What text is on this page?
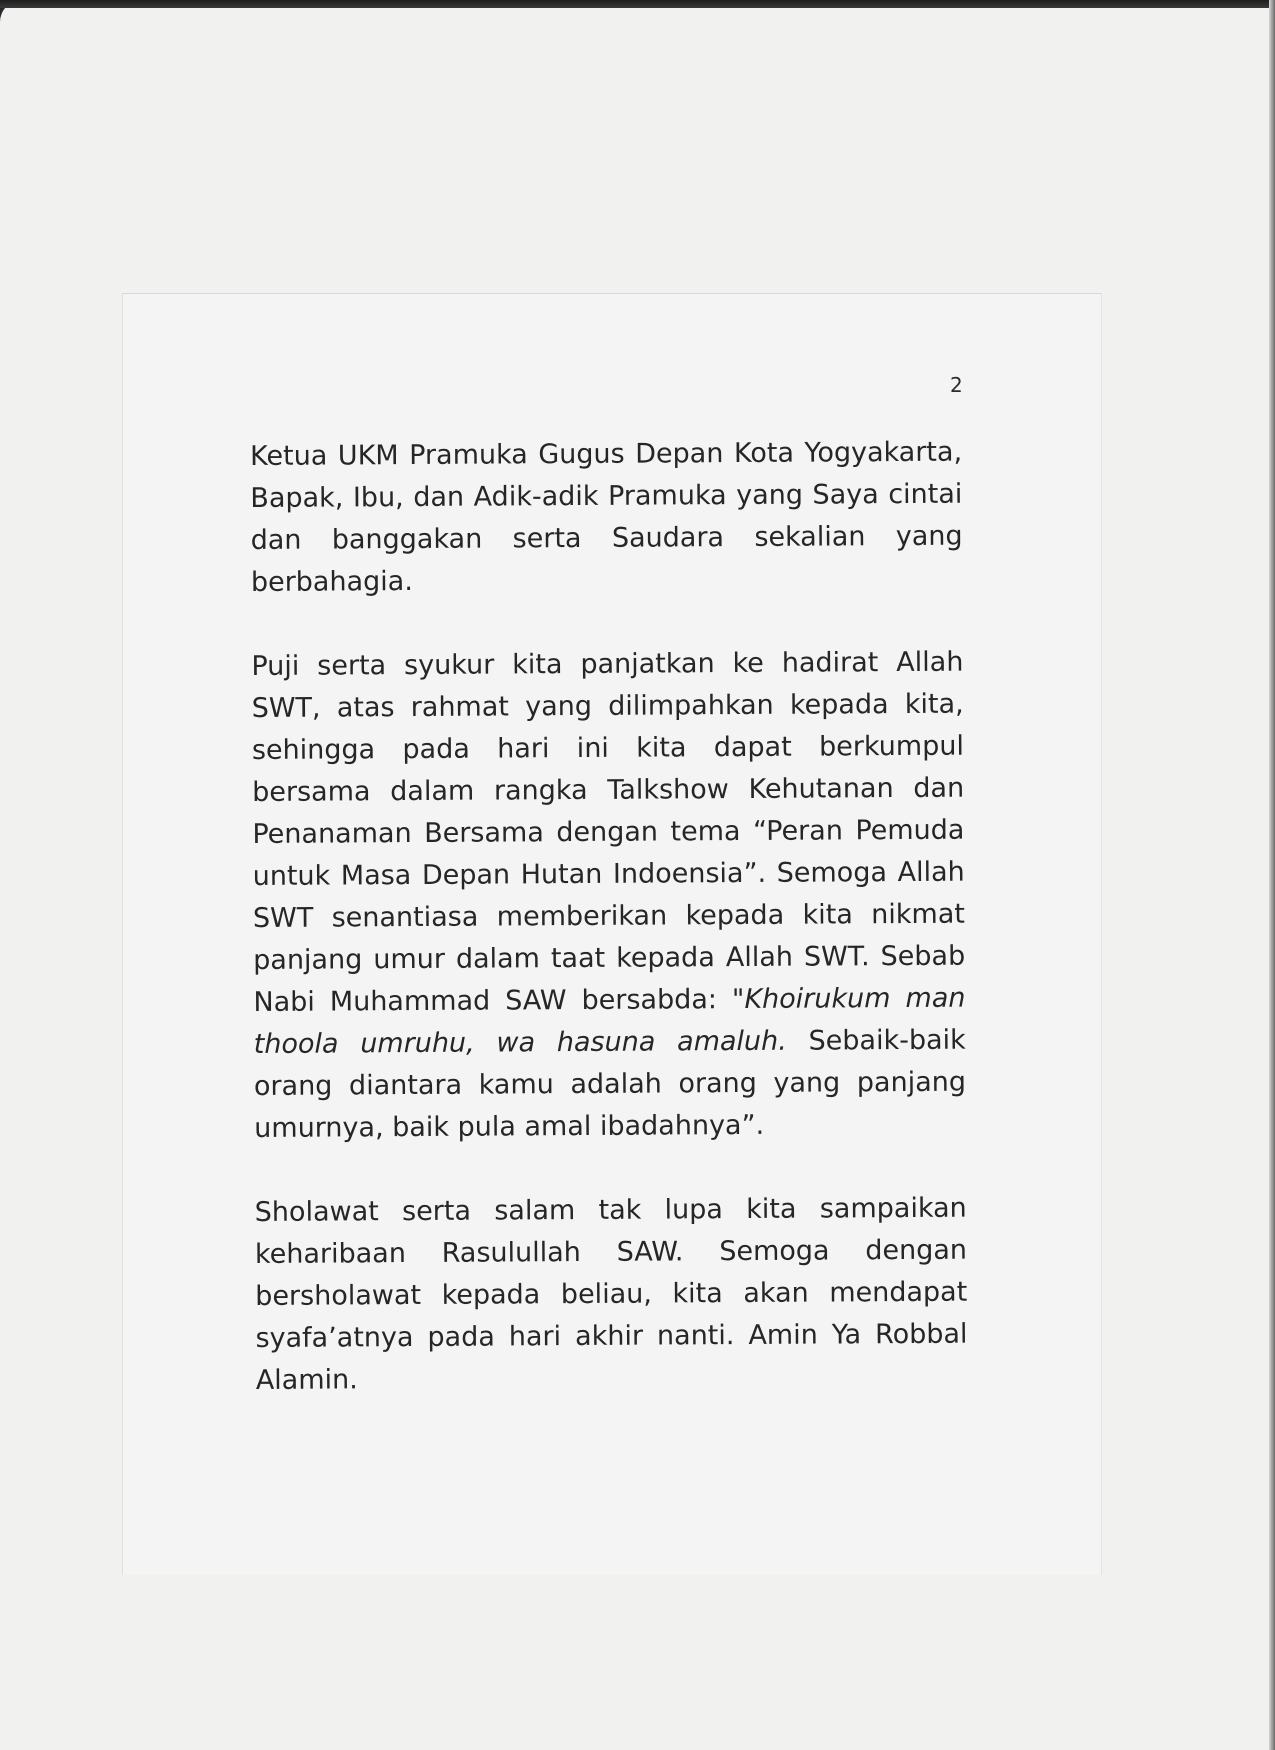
2

Ketua UKM Pramuka Gugus Depan Kota Yogyakarta, Bapak, Ibu, dan Adik-adik Pramuka yang Saya cintai dan banggakan serta Saudara sekalian yang berbahagia.

Puji serta syukur kita panjatkan ke hadirat Allah SWT, atas rahmat yang dilimpahkan kepada kita, sehingga pada hari ini kita dapat berkumpul bersama dalam rangka Talkshow Kehutanan dan Penanaman Bersama dengan tema “Peran Pemuda untuk Masa Depan Hutan Indoensia”. Semoga Allah SWT senantiasa memberikan kepada kita nikmat panjang umur dalam taat kepada Allah SWT. Sebab Nabi Muhammad SAW bersabda: "Khoirukum man thoola umruhu, wa hasuna amaluh. Sebaik-baik orang diantara kamu adalah orang yang panjang umurnya, baik pula amal ibadahnya”.

Sholawat serta salam tak lupa kita sampaikan keharibaan Rasulullah SAW. Semoga dengan bersholawat kepada beliau, kita akan mendapat syafa’atnya pada hari akhir nanti. Amin Ya Robbal Alamin.
